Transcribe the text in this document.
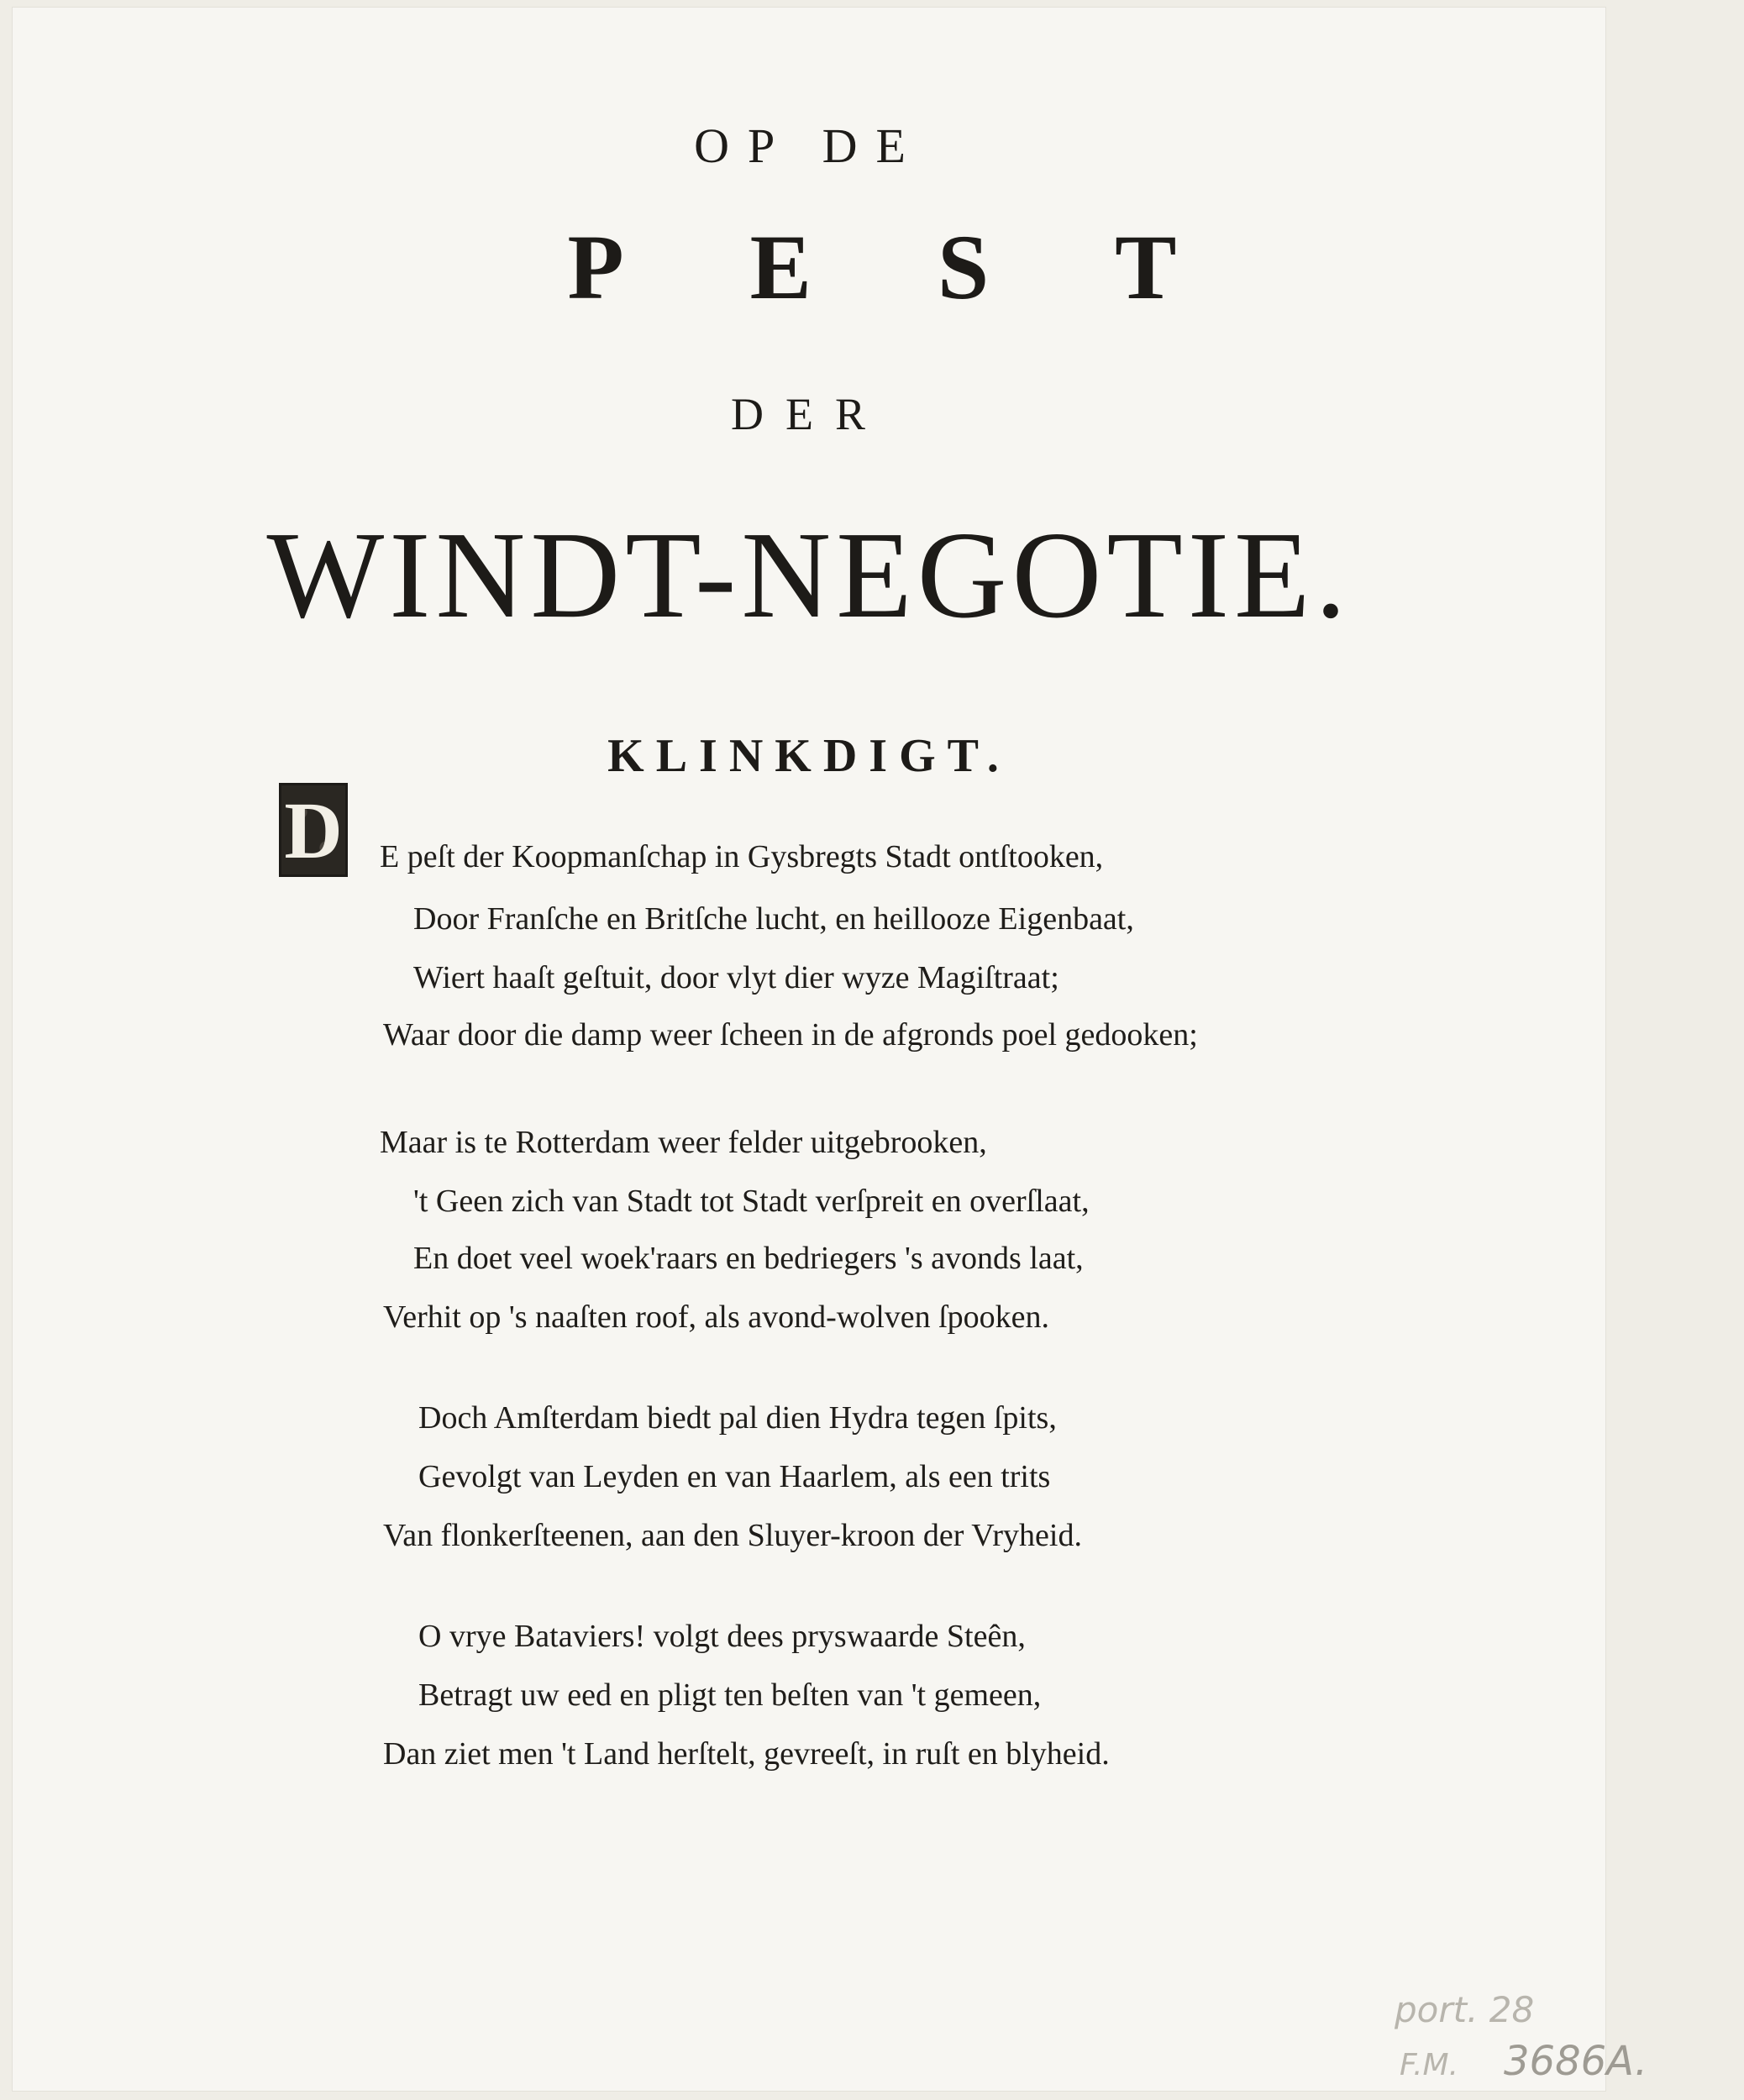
OP DE
PEST
DER
WINDT-NEGOTIE.
KLINKDIGT.
D E peſt der Koopmanſchap in Gysbregts Stadt ontſtooken,
Door Franſche en Britſche lucht, en heillooze Eigenbaat,
Wiert haaſt geſtuit, door vlyt dier wyze Magiſtraat;
Waar door die damp weer ſcheen in de afgronds poel gedooken;
Maar is te Rotterdam weer felder uitgebrooken,
't Geen zich van Stadt tot Stadt verſpreit en overſlaat,
En doet veel woek'raars en bedriegers 's avonds laat,
Verhit op 's naaſten roof, als avond-wolven ſpooken.
Doch Amſterdam biedt pal dien Hydra tegen ſpits,
Gevolgt van Leyden en van Haarlem, als een trits
Van flonkerſteenen, aan den Sluyer-kroon der Vryheid.
O vrye Bataviers! volgt dees pryswaarde Steên,
Betragt uw eed en pligt ten beſten van 't gemeen,
Dan ziet men 't Land herſtelt, gevreeſt, in ruſt en blyheid.
port. 28
F.M. 3686A.
